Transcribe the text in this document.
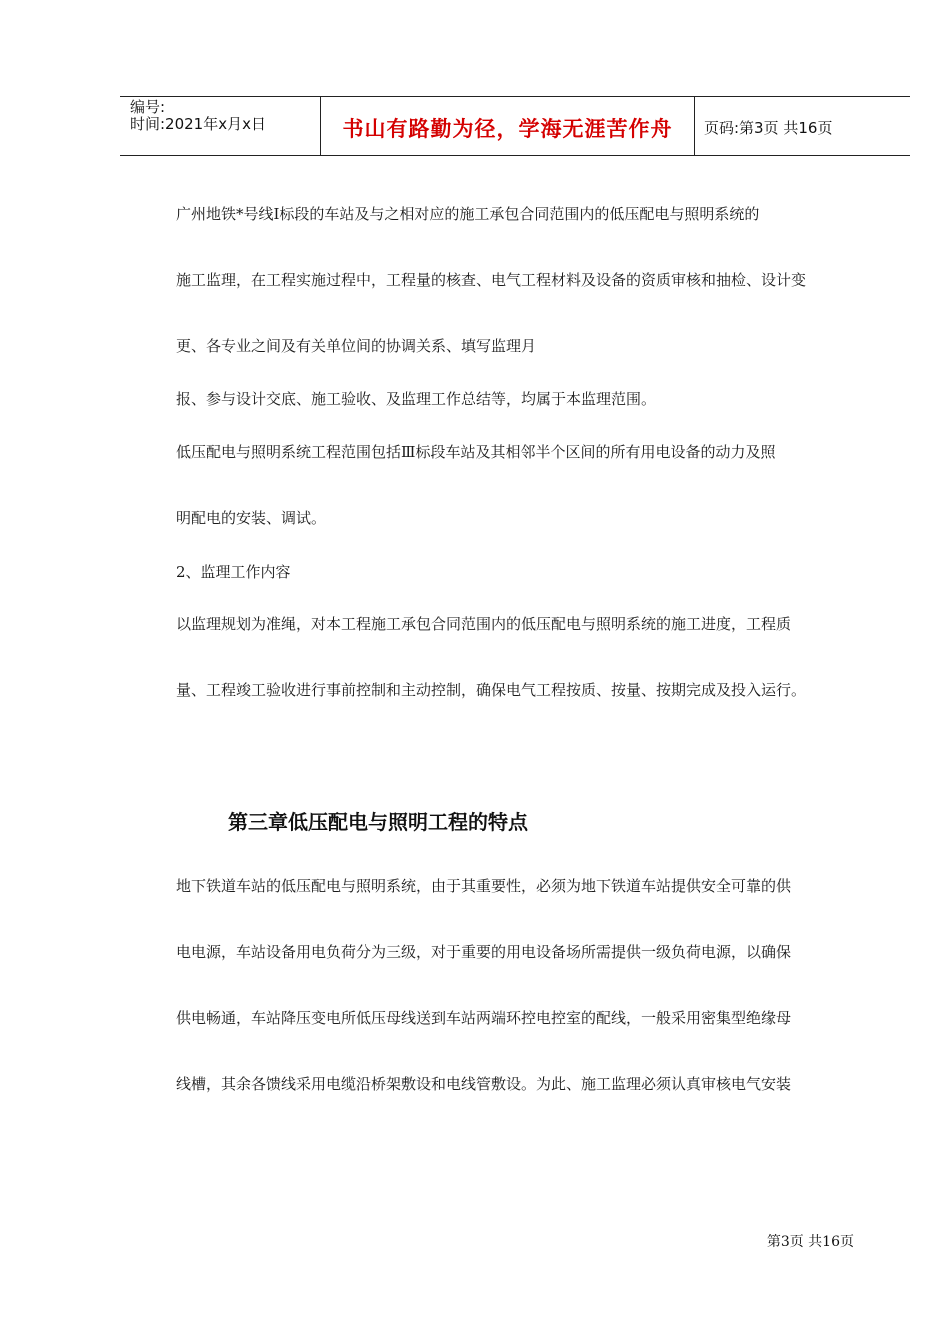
编号:
时间:2021年x月x日	书山有路勤为径，学海无涯苦作舟	页码:第3页 共16页
广州地铁*号线Ⅰ标段的车站及与之相对应的施工承包合同范围内的低压配电与照明系统的
施工监理，在工程实施过程中，工程量的核查、电气工程材料及设备的资质审核和抽检、设计变
更、各专业之间及有关单位间的协调关系、填写监理月
报、参与设计交底、施工验收、及监理工作总结等，均属于本监理范围。
低压配电与照明系统工程范围包括Ⅲ标段车站及其相邻半个区间的所有用电设备的动力及照
明配电的安装、调试。
2、监理工作内容
以监理规划为准绳，对本工程施工承包合同范围内的低压配电与照明系统的施工进度，工程质
量、工程竣工验收进行事前控制和主动控制，确保电气工程按质、按量、按期完成及投入运行。
第三章低压配电与照明工程的特点
地下铁道车站的低压配电与照明系统，由于其重要性，必须为地下铁道车站提供安全可靠的供
电电源，车站设备用电负荷分为三级，对于重要的用电设备场所需提供一级负荷电源，以确保
供电畅通，车站降压变电所低压母线送到车站两端环控电控室的配线，一般采用密集型绝缘母
线槽，其余各馈线采用电缆沿桥架敷设和电线管敷设。为此、施工监理必须认真审核电气安装
第3页 共16页
